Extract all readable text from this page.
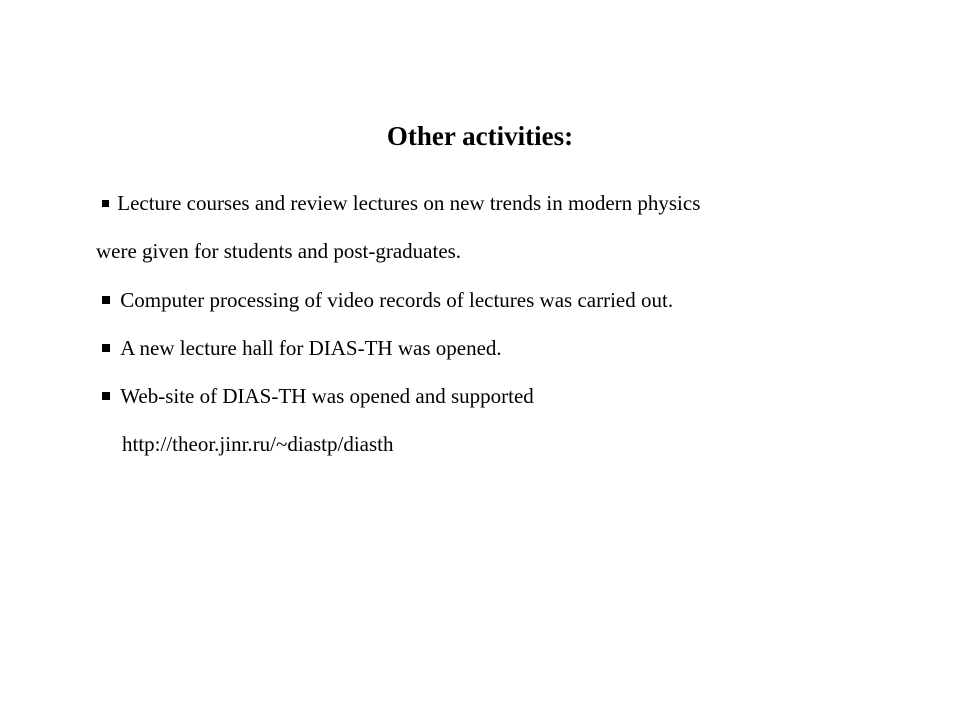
Other activities:
Lecture courses and review lectures on new trends in modern physics
were given for students and post-graduates.
Computer processing of video records of lectures was carried out.
A new lecture hall for DIAS-TH was opened.
Web-site of DIAS-TH was opened and supported
http://theor.jinr.ru/~diastp/diasth
